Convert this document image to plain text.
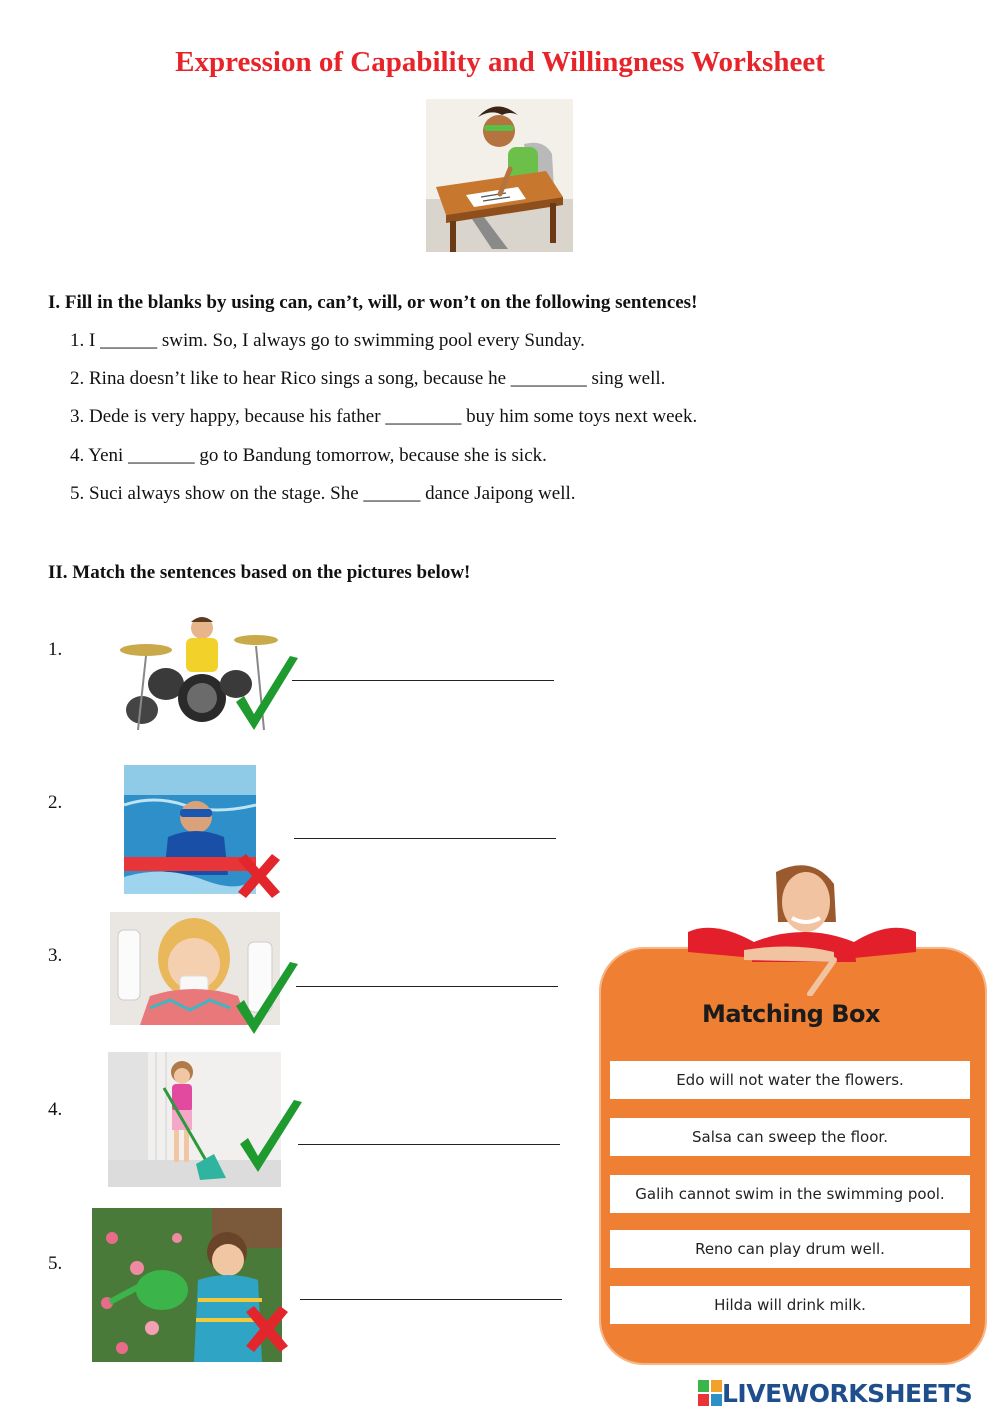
Expression of Capability and Willingness Worksheet
I. Fill in the blanks by using can, can’t, will, or won’t on the following sentences!
1. I ______ swim. So, I always go to swimming pool every Sunday.
2. Rina doesn’t like to hear Rico sings a song, because he ________ sing well.
3. Dede is very happy, because his father ________ buy him some toys next week.
4. Yeni _______ go to Bandung tomorrow, because she is sick.
5. Suci always show on the stage. She ______ dance Jaipong well.
II. Match the sentences based on the pictures below!
1.
2.
3.
4.
5.
Matching Box
Edo will not water the flowers.
Salsa can sweep the floor.
Galih cannot swim in the swimming pool.
Reno can play drum well.
Hilda will drink milk.
LIVEWORKSHEETS
